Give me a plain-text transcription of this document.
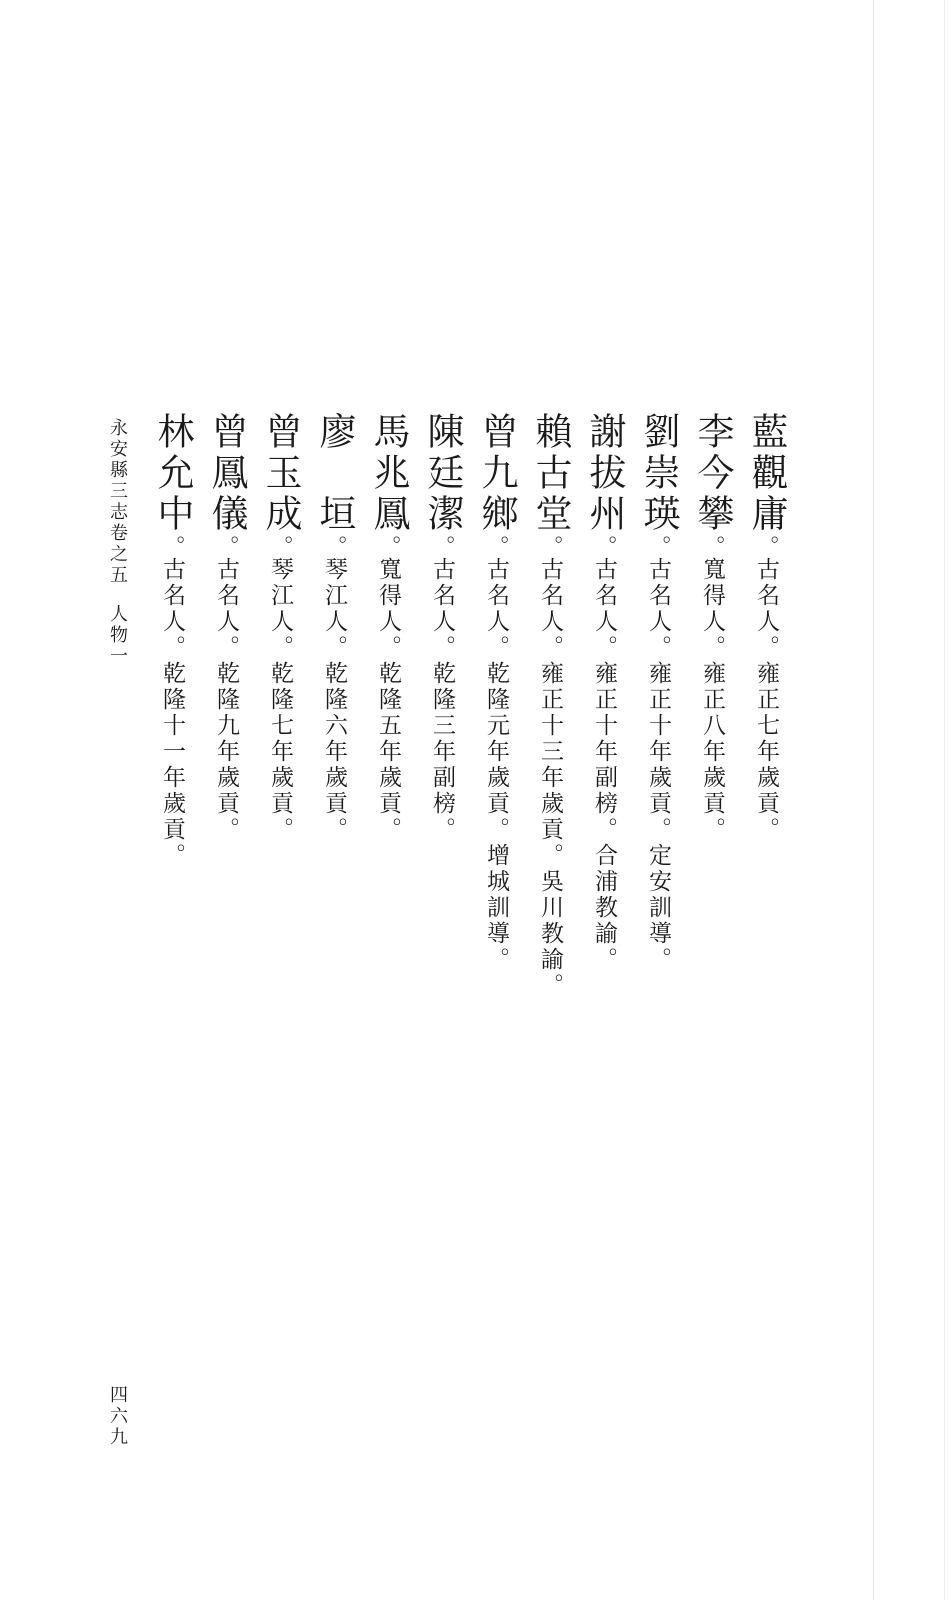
藍觀庸。古名人。雍正七年歲貢。
李今攀。寬得人。雍正八年歲貢。
劉崇瑛。古名人。雍正十年歲貢。定安訓導。
謝拔州。古名人。雍正十年副榜。合浦教諭。
賴古堂。古名人。雍正十三年歲貢。吳川教諭。
曾九鄉。古名人。乾隆元年歲貢。增城訓導。
陳廷潔。古名人。乾隆三年副榜。
馬兆鳳。寬得人。乾隆五年歲貢。
廖　垣。琴江人。乾隆六年歲貢。
曾玉成。琴江人。乾隆七年歲貢。
曾鳳儀。古名人。乾隆九年歲貢。
林允中。古名人。乾隆十一年歲貢。
永安縣三志卷之五人物一
四六九
